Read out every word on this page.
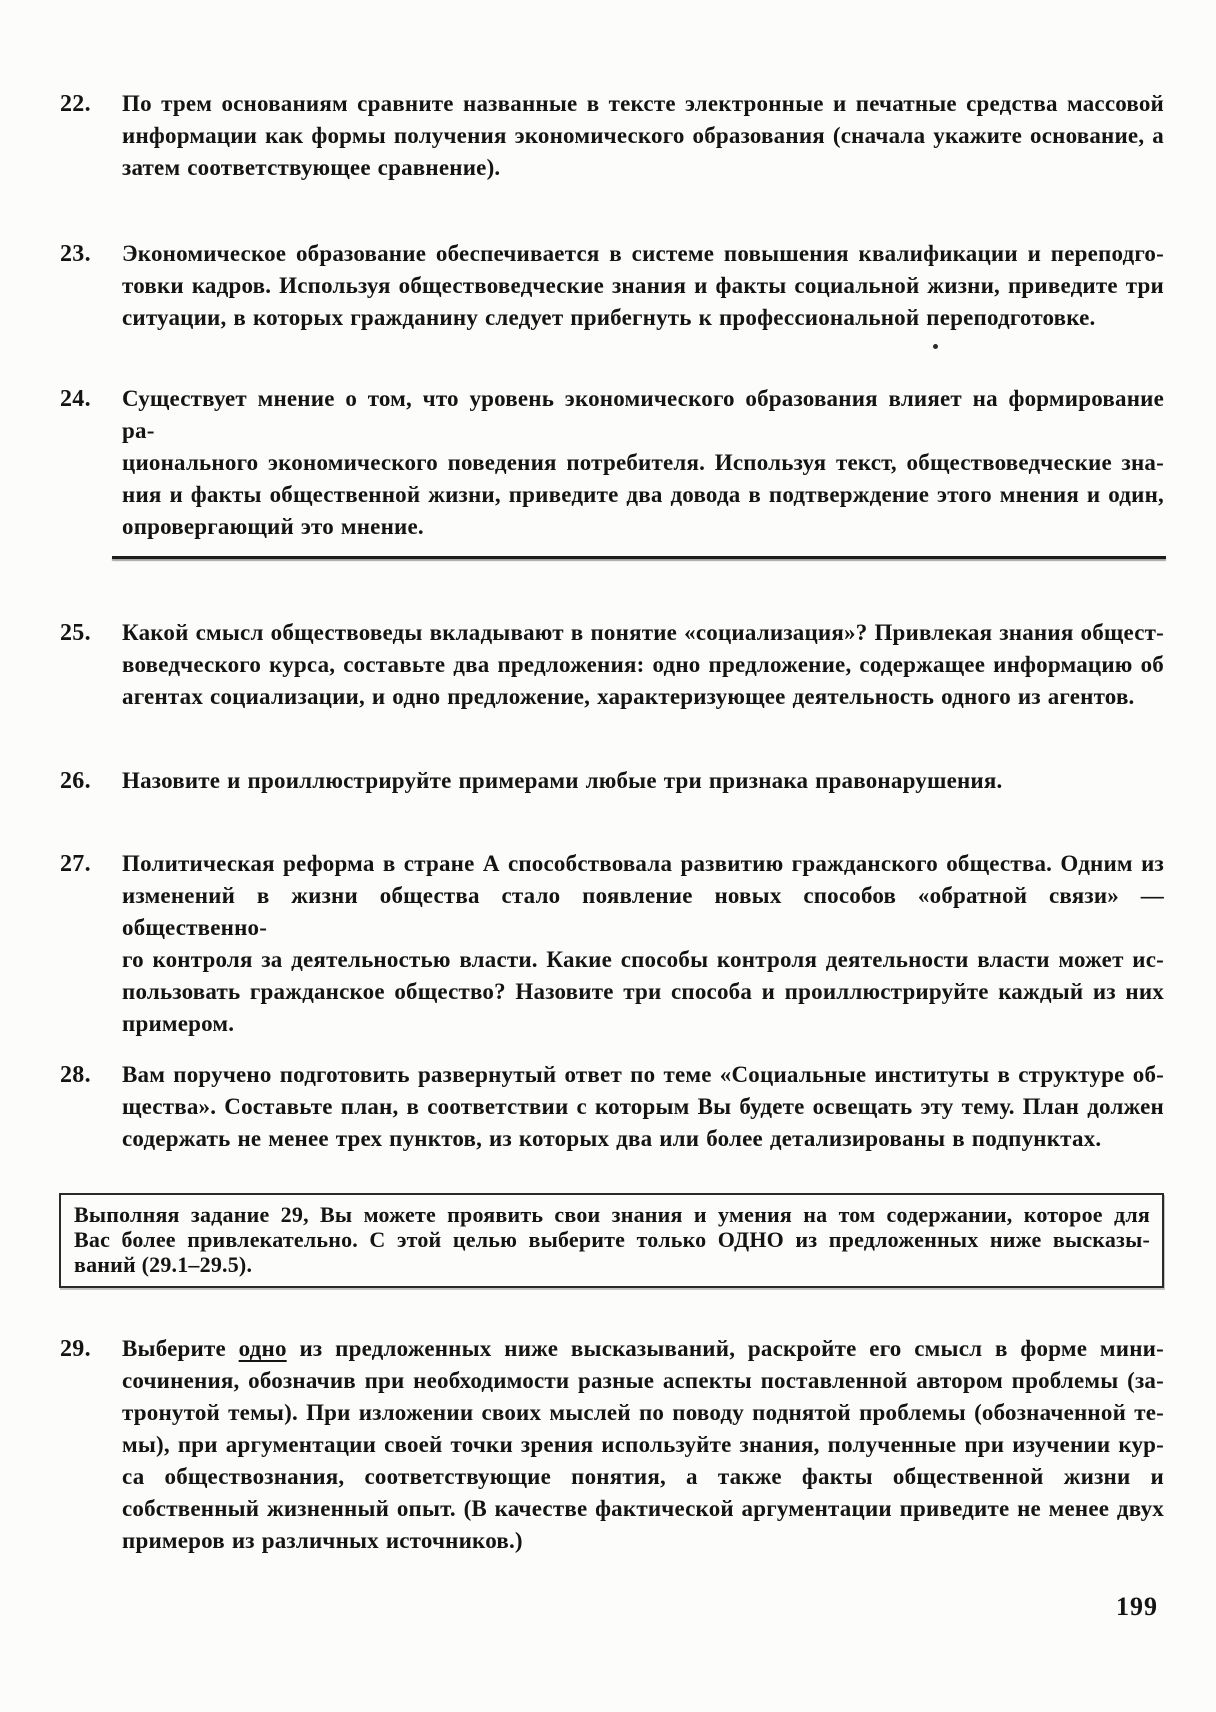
22.	По трем основаниям сравните названные в тексте электронные и печатные средства массовой
информации как формы получения экономического образования (сначала укажите основание, а
затем соответствующее сравнение).
23.	Экономическое образование обеспечивается в системе повышения квалификации и переподго-
товки кадров. Используя обществоведческие знания и факты социальной жизни, приведите три
ситуации, в которых гражданину следует прибегнуть к профессиональной переподготовке.
24.	Существует мнение о том, что уровень экономического образования влияет на формирование ра-
ционального экономического поведения потребителя. Используя текст, обществоведческие зна-
ния и факты общественной жизни, приведите два довода в подтверждение этого мнения и один,
опровергающий это мнение.
25.	Какой смысл обществоведы вкладывают в понятие «социализация»? Привлекая знания общест-
воведческого курса, составьте два предложения: одно предложение, содержащее информацию об
агентах социализации, и одно предложение, характеризующее деятельность одного из агентов.
26.	Назовите и проиллюстрируйте примерами любые три признака правонарушения.
27.	Политическая реформа в стране А способствовала развитию гражданского общества. Одним из
изменений в жизни общества стало появление новых способов «обратной связи» — общественно-
го контроля за деятельностью власти. Какие способы контроля деятельности власти может ис-
пользовать гражданское общество? Назовите три способа и проиллюстрируйте каждый из них
примером.
28.	Вам поручено подготовить развернутый ответ по теме «Социальные институты в структуре об-
щества». Составьте план, в соответствии с которым Вы будете освещать эту тему. План должен
содержать не менее трех пунктов, из которых два или более детализированы в подпунктах.
Выполняя задание 29, Вы можете проявить свои знания и умения на том содержании, которое для
Вас более привлекательно. С этой целью выберите только ОДНО из предложенных ниже высказы-
ваний (29.1–29.5).
29.	Выберите одно из предложенных ниже высказываний, раскройте его смысл в форме мини-
сочинения, обозначив при необходимости разные аспекты поставленной автором проблемы (за-
тронутой темы). При изложении своих мыслей по поводу поднятой проблемы (обозначенной те-
мы), при аргументации своей точки зрения используйте знания, полученные при изучении кур-
са обществознания, соответствующие понятия, а также факты общественной жизни и
собственный жизненный опыт. (В качестве фактической аргументации приведите не менее двух
примеров из различных источников.)
199
